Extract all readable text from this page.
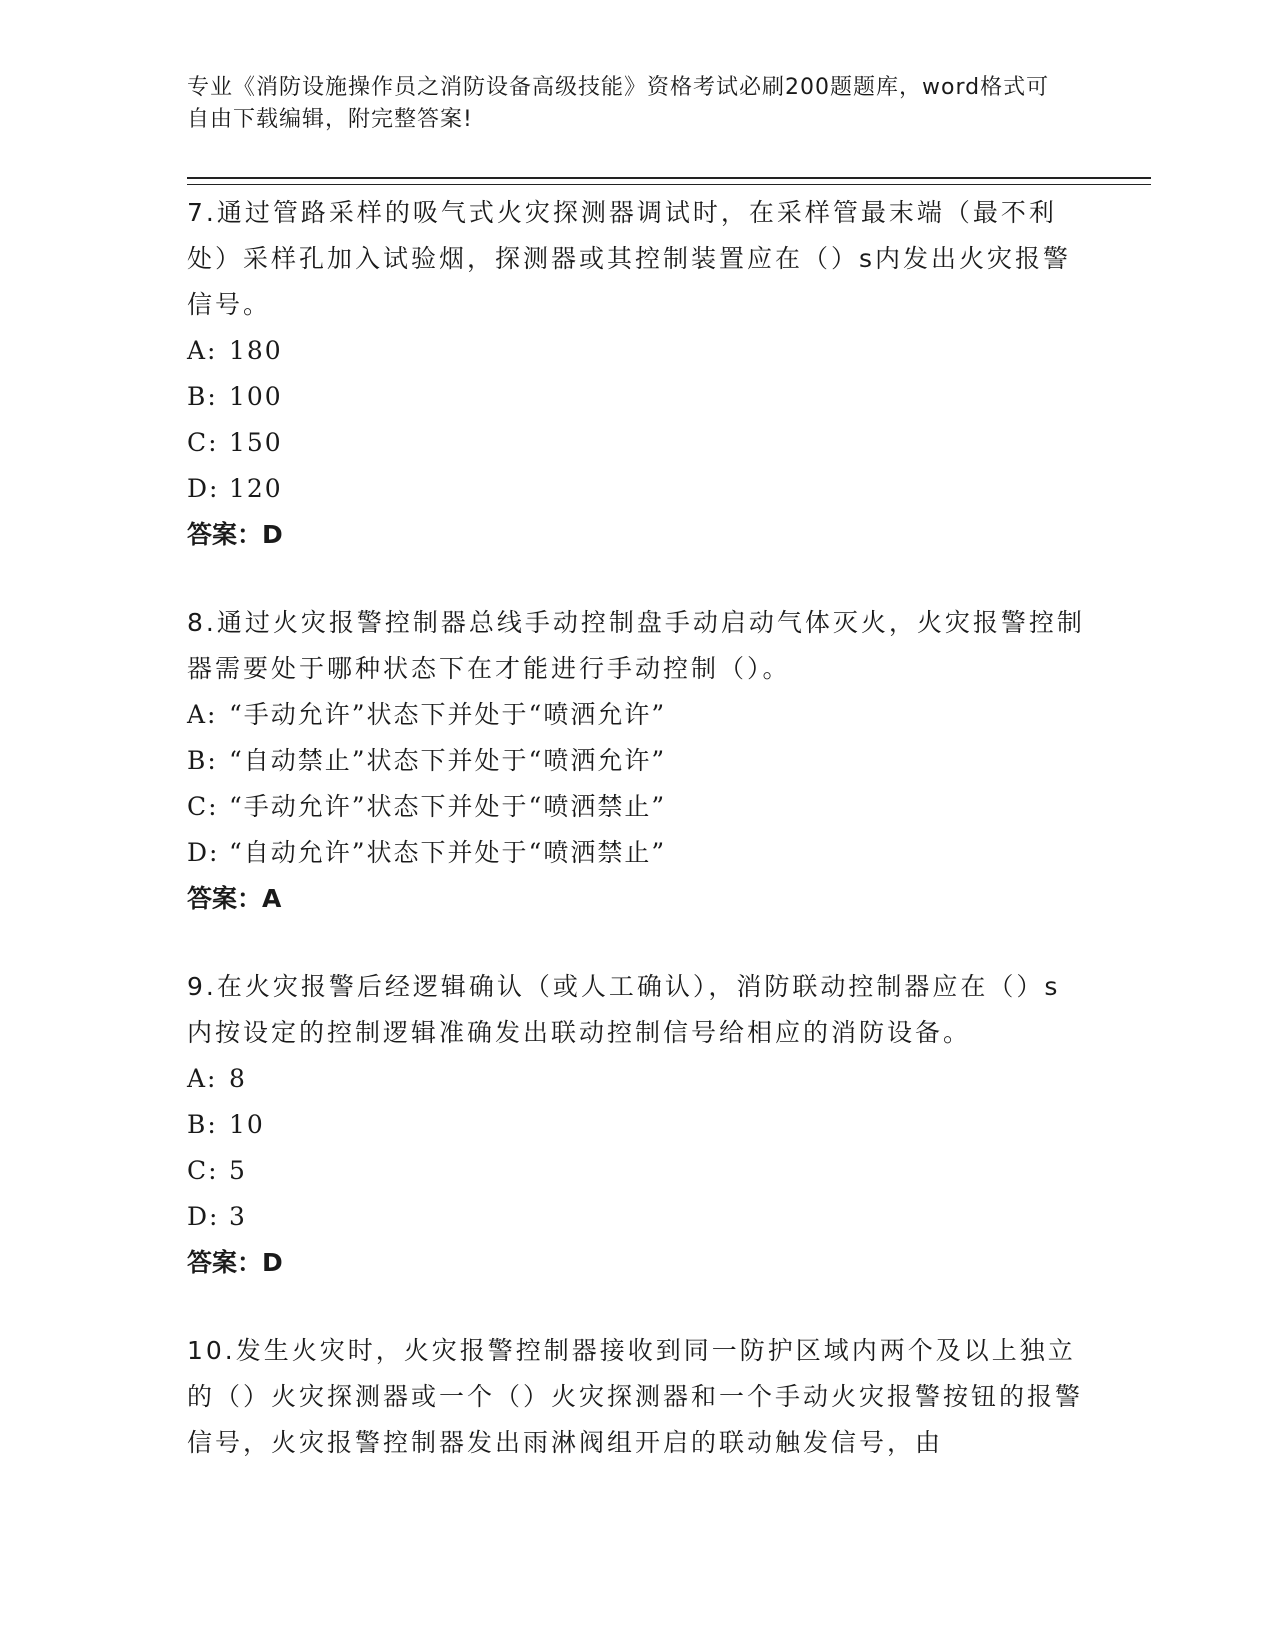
专业《消防设施操作员之消防设备高级技能》资格考试必刷200题题库，word格式可自由下载编辑，附完整答案!

7.通过管路采样的吸气式火灾探测器调试时，在采样管最末端（最不利处）采样孔加入试验烟，探测器或其控制装置应在（）s内发出火灾报警信号。

A: 180
B: 100
C: 150
D: 120
答案：D

8.通过火灾报警控制器总线手动控制盘手动启动气体灭火，火灾报警控制器需要处于哪种状态下在才能进行手动控制（）。

A: “手动允许”状态下并处于“喷洒允许”
B: “自动禁止”状态下并处于“喷洒允许”
C: “手动允许”状态下并处于“喷洒禁止”
D: “自动允许”状态下并处于“喷洒禁止”
答案：A

9.在火灾报警后经逻辑确认（或人工确认），消防联动控制器应在（）s内按设定的控制逻辑准确发出联动控制信号给相应的消防设备。

A: 8
B: 10
C: 5
D: 3
答案：D

10.发生火灾时，火灾报警控制器接收到同一防护区域内两个及以上独立的（）火灾探测器或一个（）火灾探测器和一个手动火灾报警按钮的报警信号，火灾报警控制器发出雨淋阀组开启的联动触发信号，由
